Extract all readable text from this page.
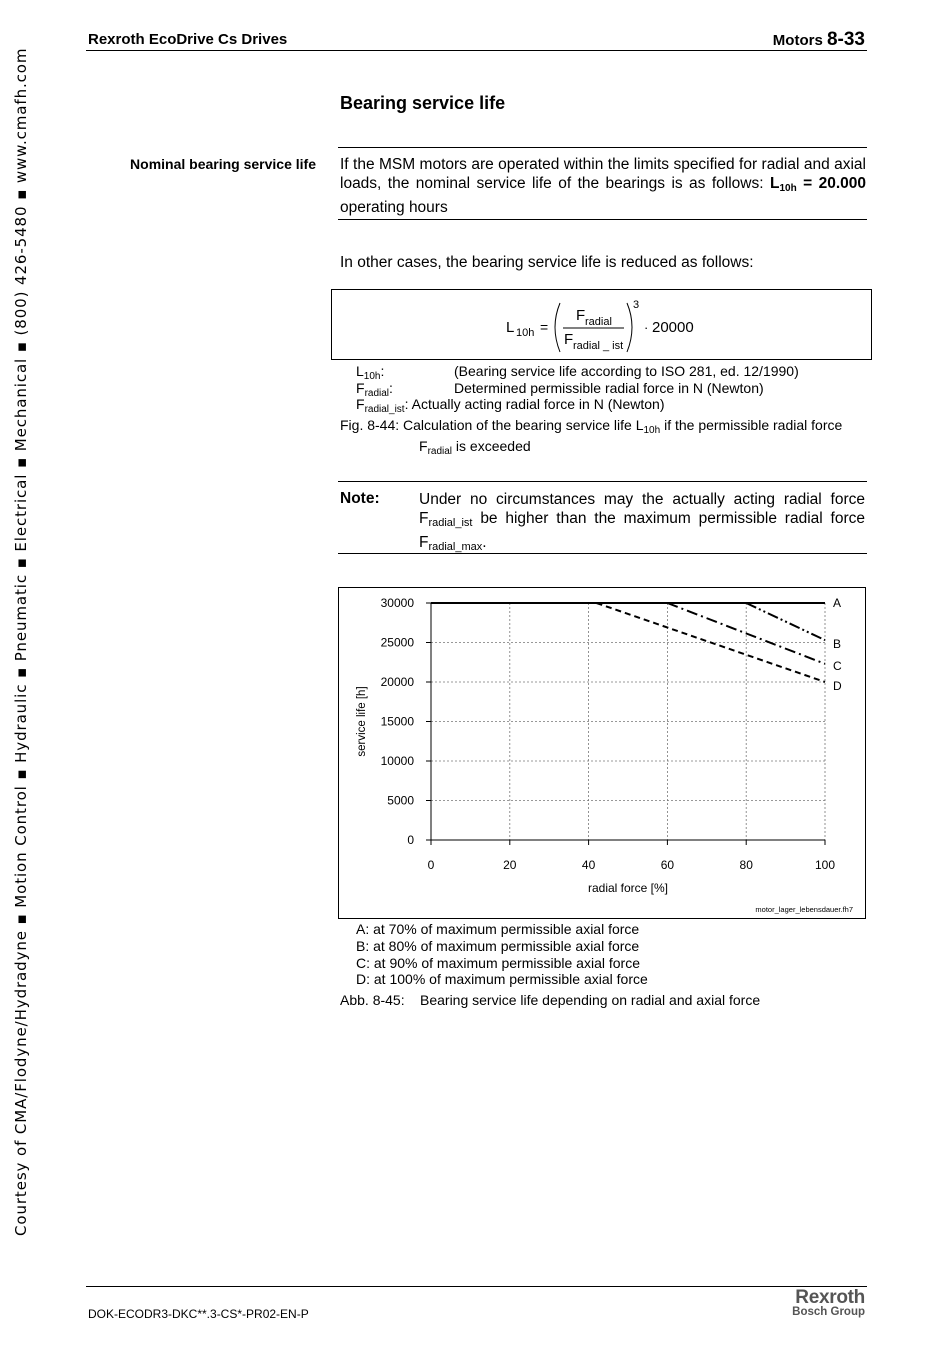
Rexroth EcoDrive Cs Drives	Motors 8-33
Courtesy of CMA/Flodyne/Hydradyne ▪ Motion Control ▪ Hydraulic ▪ Pneumatic ▪ Electrical ▪ Mechanical ▪ (800) 426-5480 ▪ www.cmafh.com	Bearing service life
Nominal bearing service life If the MSM motors are operated within the limits specified for radial and axial loads, the nominal service life of the bearings is as follows: $L_{10h} = 20.000$ operating hours
In other cases, the bearing service life is reduced as follows:
L 10h =
F radial
F radial _ ist
3
· 20000
$L_{10h}$:	(Bearing service life according to ISO 281, ed. 12/1990)
$F_{radial}$:	Determined permissible radial force in N (Newton)
$F_{radial\_ist}$: Actually acting radial force in N (Newton)
Fig. 8-44: Calculation of the bearing service life $L_{10h}$ if the permissible radial force
$F_{radial}$ is exceeded
Note:	Under no circumstances may the actually acting radial force Fradial_ist be higher than the maximum permissible radial force Fradial_max.
0
5000
10000
15000
20000
25000
30000
0	20	40	60	80	100
radial force [%]
service life [h]
A
B
C
D
motor_lager_lebensdauer.fh7
A: at 70% of maximum permissible axial force
B: at 80% of maximum permissible axial force
C: at 90% of maximum permissible axial force
D: at 100% of maximum permissible axial force
Abb. 8-45: Bearing service life depending on radial and axial force
DOK-ECODR3-DKC**.3-CS*-PR02-EN-P
Rexroth
Bosch Group
